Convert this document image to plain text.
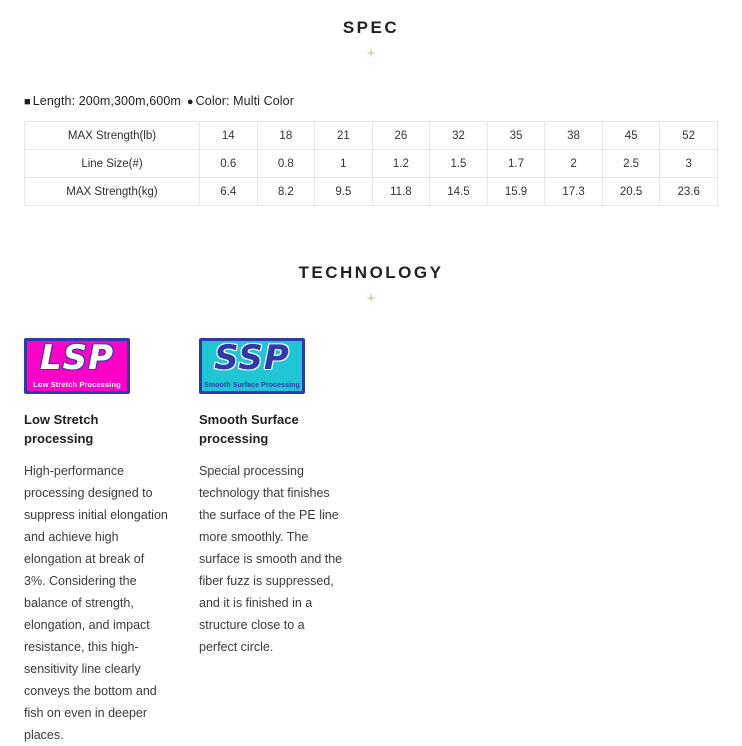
SPEC
+
■ Length: 200m,300m,600m ● Color: Multi Color
MAX Strength(lb)	14	18	21	26	32	35	38	45	52
Line Size(#)	0.6	0.8	1	1.2	1.5	1.7	2	2.5	3
MAX Strength(kg)	6.4	8.2	9.5	11.8	14.5	15.9	17.3	20.5	23.6
TECHNOLOGY
+
LSP
Low Stretch Processing
Low Stretch processing
High-performance processing designed to suppress initial elongation and achieve high elongation at break of 3%. Considering the balance of strength, elongation, and impact resistance, this high-sensitivity line clearly conveys the bottom and fish on even in deeper places.
SSP
Smooth Surface Processing
Smooth Surface processing
Special processing technology that finishes the surface of the PE line more smoothly. The surface is smooth and the fiber fuzz is suppressed, and it is finished in a structure close to a perfect circle.
